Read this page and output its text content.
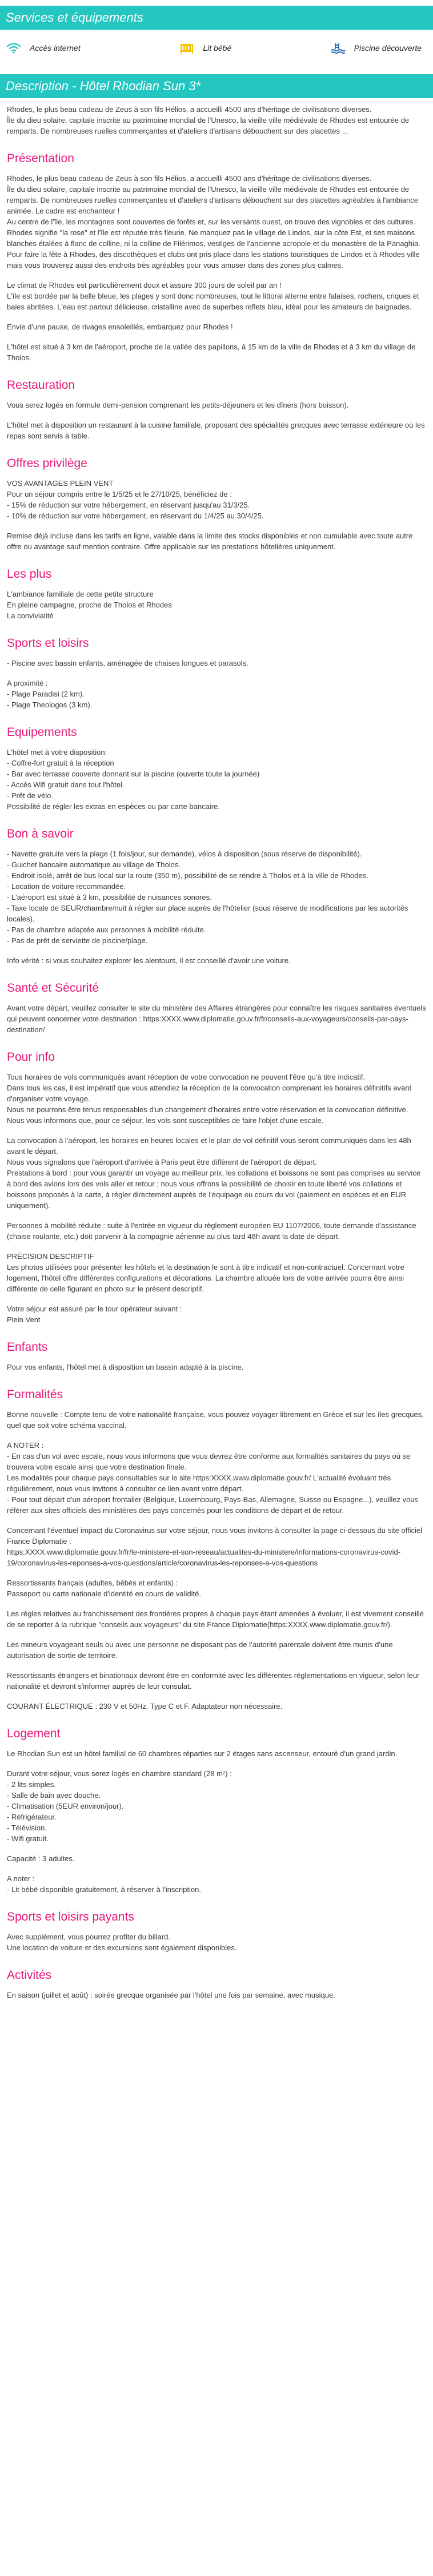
Services et équipements
Accès internet	Lit bébé	Piscine découverte
Description - Hôtel Rhodian Sun 3*

Rhodes, le plus beau cadeau de Zeus à son fils Hélios, a accueilli 4500 ans d'héritage de civilisations diverses.
Île du dieu solaire, capitale inscrite au patrimoine mondial de l'Unesco, la vieille ville médiévale de Rhodes est entourée de remparts. De nombreuses ruelles commerçantes et d'ateliers d'artisans débouchent sur des placettes ...

Présentation

Rhodes, le plus beau cadeau de Zeus à son fils Hélios, a accueilli 4500 ans d'héritage de civilisations diverses.
Île du dieu solaire, capitale inscrite au patrimoine mondial de l'Unesco, la vieille ville médiévale de Rhodes est entourée de remparts. De nombreuses ruelles commerçantes et d'ateliers d'artisans débouchent sur des placettes agréables à l'ambiance animée. Le cadre est enchanteur !
Au centre de l'île, les montagnes sont couvertes de forêts et, sur les versants ouest, on trouve des vignobles et des cultures. Rhodes signifie "la rose" et l'île est réputée très fleurie. Ne manquez pas le village de Lindos, sur la côte Est, et ses maisons blanches étalées à flanc de colline, ni la colline de Filérimos, vestiges de l'ancienne acropole et du monastère de la Panaghia.
Pour faire la fête à Rhodes, des discothèques et clubs ont pris place dans les stations touristiques de Lindos et à Rhodes ville mais vous trouverez aussi des endroits très agréables pour vous amuser dans des zones plus calmes.

Le climat de Rhodes est particulièrement doux et assure 300 jours de soleil par an !
L'île est bordée par la belle bleue, les plages y sont donc nombreuses, tout le littoral alterne entre falaises, rochers, criques et baies abritées. L'eau est partout délicieuse, cristalline avec de superbes reflets bleu, idéal pour les amateurs de baignades.

Envie d'une pause, de rivages ensoleillés, embarquez pour Rhodes !

L'hôtel est situé à 3 km de l'aéroport, proche de la vallée des papillons, à 15 km de la ville de Rhodes et à 3 km du village de Tholos.

Restauration

Vous serez logés en formule demi-pension comprenant les petits-déjeuners et les dîners (hors boisson).

L'hôtel met à disposition un restaurant à la cuisine familiale, proposant des spécialités grecques avec terrasse extérieure où les repas sont servis à table.

Offres privilège

VOS AVANTAGES PLEIN VENT
Pour un séjour compris entre le 1/5/25 et le 27/10/25, bénéficiez de :
- 15% de réduction sur votre hébergement, en réservant jusqu'au 31/3/25.
- 10% de réduction sur votre hébergement, en réservant du 1/4/25 au 30/4/25.

Remise déjà incluse dans les tarifs en ligne, valable dans la limite des stocks disponibles et non cumulable avec toute autre offre ou avantage sauf mention contraire. Offre applicable sur les prestations hôtelières uniquement.

Les plus

L'ambiance familiale de cette petite structure
En pleine campagne, proche de Tholos et Rhodes
La convivialité

Sports et loisirs

- Piscine avec bassin enfants, aménagée de chaises longues et parasols.

A proximité :
- Plage Paradisi (2 km).
- Plage Theologos (3 km).

Equipements

L'hôtel met à votre disposition:
- Coffre-fort gratuit à la réception
- Bar avec terrasse couverte donnant sur la piscine (ouverte toute la journée)
- Accès Wifi gratuit dans tout l'hôtel.
- Prêt de vélo.
Possibilité de régler les extras en espèces ou par carte bancaire.

Bon à savoir

- Navette gratuite vers la plage (1 fois/jour, sur demande), vélos à disposition (sous réserve de disponibilité).
- Guichet bancaire automatique au village de Tholos.
- Endroit isolé, arrêt de bus local sur la route (350 m), possibilité de se rendre à Tholos et à la ville de Rhodes.
- Location de voiture recommandée.
- L'aéroport est situé à 3 km, possibilité de nuisances sonores.
- Taxe locale de SEUR/chambre/nuit à régler sur place auprès de l'hôtelier (sous réserve de modifications par les autorités locales).
- Pas de chambre adaptée aux personnes à mobilité réduite.
- Pas de prêt de serviette de piscine/plage.

Info vérité : si vous souhaitez explorer les alentours, il est conseillé d'avoir une voiture.

Santé et Sécurité

Avant votre départ, veuillez consulter le site du ministère des Affaires étrangères pour connaître les risques sanitaires éventuels qui peuvent concerner votre destination : https:XXXX.www.diplomatie.gouv.fr/fr/conseils-aux-voyageurs/conseils-par-pays-destination/

Pour info

Tous horaires de vols communiqués avant réception de votre convocation ne peuvent l'être qu'à titre indicatif.
Dans tous les cas, il est impératif que vous attendiez la réception de la convocation comprenant les horaires définitifs avant d'organiser votre voyage.
Nous ne pourrons être tenus responsables d'un changement d'horaires entre votre réservation et la convocation définitive.
Nous vous informons que, pour ce séjour, les vols sont susceptibles de faire l'objet d'une escale.

La convocation à l'aéroport, les horaires en heures locales et le plan de vol définitif vous seront communiqués dans les 48h avant le départ.
Nous vous signalons que l'aéroport d'arrivée à Paris peut être différent de l'aéroport de départ.
Prestations à bord : pour vous garantir un voyage au meilleur prix, les collations et boissons ne sont pas comprises au service à bord des avions lors des vols aller et retour ; nous vous offrons la possibilité de choisir en toute liberté vos collations et boissons proposés à la carte, à régler directement auprès de l'équipage ou cours du vol (paiement en espèces et en EUR uniquement).

Personnes à mobilité réduite : suite à l'entrée en vigueur du règlement européen EU 1107/2006, toute demande d'assistance (chaise roulante, etc.) doit parvenir à la compagnie aérienne au plus tard 48h avant la date de départ.

PRÉCISION DESCRIPTIF
Les photos utilisées pour présenter les hôtels et la destination le sont à titre indicatif et non-contractuel. Concernant votre logement, l'hôtel offre différentes configurations et décorations. La chambre allouée lors de votre arrivée pourra être ainsi différente de celle figurant en photo sur le présent descriptif.

Votre séjour est assuré par le tour opérateur suivant :
Plein Vent

Enfants

Pour vos enfants, l'hôtel met à disposition un bassin adapté à la piscine.

Formalités

Bonne nouvelle : Compte tenu de votre nationalité française, vous pouvez voyager librement en Grèce et sur les îles grecques, quel que soit votre schéma vaccinal.

A NOTER :
- En cas d'un vol avec escale, nous vous informons que vous devrez être conforme aux formalités sanitaires du pays où se trouvera votre escale ainsi que votre destination finale.
Les modalités pour chaque pays consultables sur le site https:XXXX.www.diplomatie.gouv.fr/ L'actualité évoluant très régulièrement, nous vous invitons à consulter ce lien avant votre départ.
- Pour tout départ d'un aéroport frontalier (Belgique, Luxembourg, Pays-Bas, Allemagne, Suisse ou Espagne...), veuillez vous référer aux sites officiels des ministères des pays concernés pour les conditions de départ et de retour.

Concernant l'éventuel impact du Coronavirus sur votre séjour, nous vous invitons à consulter la page ci-dessous du site officiel France Diplomatie :
https:XXXX.www.diplomatie.gouv.fr/fr/le-ministere-et-son-reseau/actualites-du-ministere/informations-coronavirus-covid-19/coronavirus-les-reponses-a-vos-questions/article/coronavirus-les-reponses-a-vos-questions

Ressortissants français (adultes, bébés et enfants) :
Passeport ou carte nationale d'identité en cours de validité.

Les règles relatives au franchissement des frontières propres à chaque pays étant amenées à évoluer, il est vivement conseillé de se reporter à la rubrique "conseils aux voyageurs" du site France Diplomatie(https:XXXX.www.diplomatie.gouv.fr/).

Les mineurs voyageant seuls ou avec une personne ne disposant pas de l'autorité parentale doivent être munis d'une autorisation de sortie de territoire.

Ressortissants étrangers et binationaux devront être en conformité avec les différentes réglementations en vigueur, selon leur nationalité et devront s'informer auprès de leur consulat.

COURANT ÉLECTRIQUE : 230 V et 50Hz. Type C et F. Adaptateur non nécessaire.

Logement

Le Rhodian Sun est un hôtel familial de 60 chambres réparties sur 2 étages sans ascenseur, entouré d'un grand jardin.

Durant votre séjour, vous serez logés en chambre standard (28 m²) :
- 2 lits simples.
- Salle de bain avec douche.
- Climatisation (5EUR environ/jour).
- Réfrigérateur.
- Télévision.
- Wifi gratuit.

Capacité : 3 adultes.

A noter :
- Lit bébé disponible gratuitement, à réserver à l'inscription.

Sports et loisirs payants

Avec supplément, vous pourrez profiter du billard.
Une location de voiture et des excursions sont également disponibles.

Activités

En saison (juillet et août) : soirée grecque organisée par l'hôtel une fois par semaine, avec musique.
